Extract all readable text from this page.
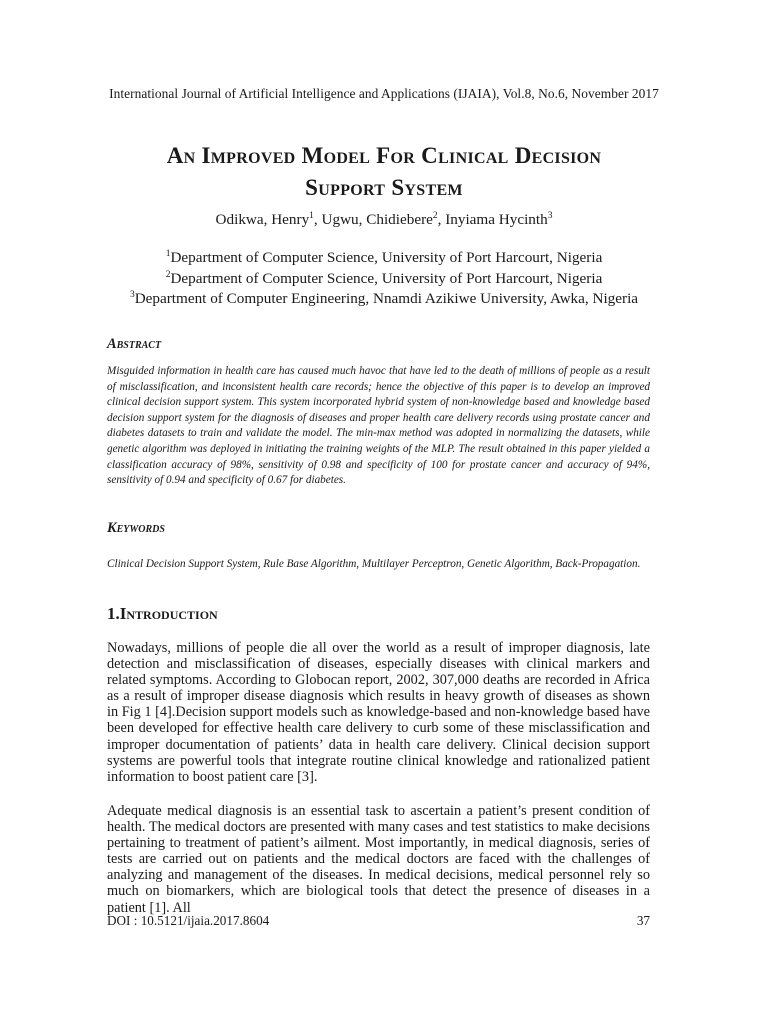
International Journal of Artificial Intelligence and Applications (IJAIA), Vol.8, No.6, November 2017
An Improved Model For Clinical Decision
Support System
Odikwa, Henry$^1$, Ugwu, Chidiebere$^2$, Inyiama Hycinth$^3$
$^1$Department of Computer Science, University of Port Harcourt, Nigeria
$^2$Department of Computer Science, University of Port Harcourt, Nigeria
$^3$Department of Computer Engineering, Nnamdi Azikiwe University, Awka, Nigeria
Abstract
Misguided information in health care has caused much havoc that have led to the death of millions of people as a result of misclassification, and inconsistent health care records; hence the objective of this paper is to develop an improved clinical decision support system. This system incorporated hybrid system of non-knowledge based and knowledge based decision support system for the diagnosis of diseases and proper health care delivery records using prostate cancer and diabetes datasets to train and validate the model. The min-max method was adopted in normalizing the datasets, while genetic algorithm was deployed in initiating the training weights of the MLP. The result obtained in this paper yielded a classification accuracy of 98%, sensitivity of 0.98 and specificity of 100 for prostate cancer and accuracy of 94%, sensitivity of 0.94 and specificity of 0.67 for diabetes.
Keywords
Clinical Decision Support System, Rule Base Algorithm, Multilayer Perceptron, Genetic Algorithm, Back-Propagation.
1.Introduction
Nowadays, millions of people die all over the world as a result of improper diagnosis, late detection and misclassification of diseases, especially diseases with clinical markers and related symptoms. According to Globocan report, 2002, 307,000 deaths are recorded in Africa as a result of improper disease diagnosis which results in heavy growth of diseases as shown in Fig 1 [4].Decision support models such as knowledge-based and non-knowledge based have been developed for effective health care delivery to curb some of these misclassification and improper documentation of patients’ data in health care delivery. Clinical decision support systems are powerful tools that integrate routine clinical knowledge and rationalized patient information to boost patient care [3].
Adequate medical diagnosis is an essential task to ascertain a patient’s present condition of health. The medical doctors are presented with many cases and test statistics to make decisions pertaining to treatment of patient’s ailment. Most importantly, in medical diagnosis, series of tests are carried out on patients and the medical doctors are faced with the challenges of analyzing and management of the diseases. In medical decisions, medical personnel rely so much on biomarkers, which are biological tools that detect the presence of diseases in a patient [1]. All
DOI : 10.5121/ijaia.2017.8604	37
